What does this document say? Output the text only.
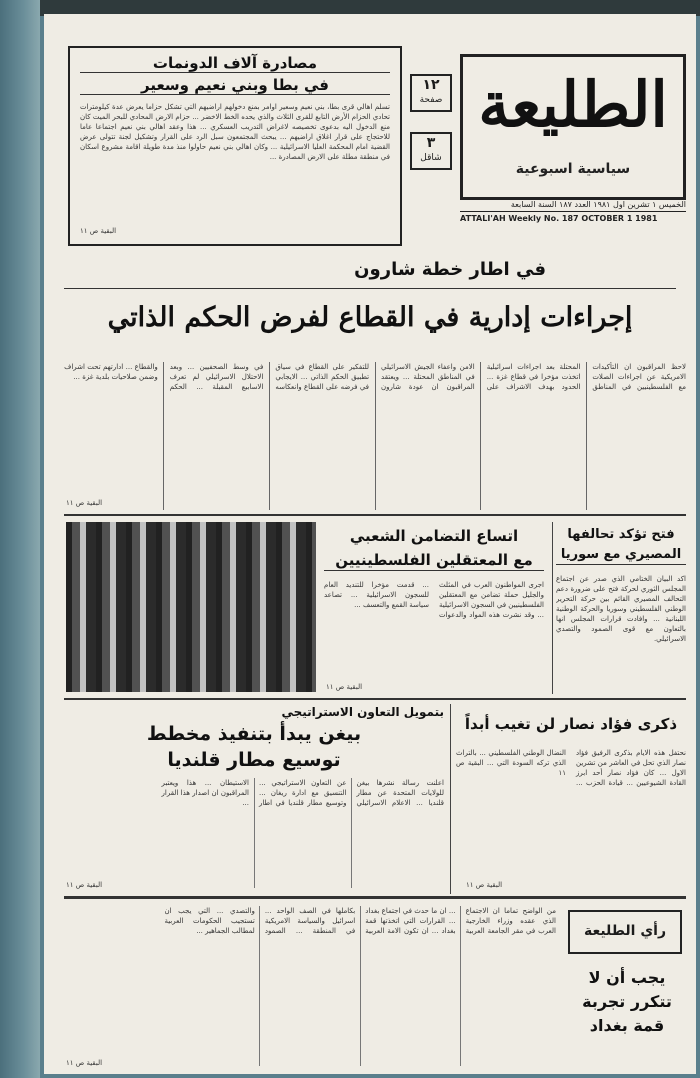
الطليعة
سياسية اسبوعية
الخميس ١ تشرين اول ١٩٨١ العدد ١٨٧ السنة السابعة
ATTALI'AH Weekly No. 187 OCTOBER 1 1981
١٢
صفحة
٣
شاقل
مصادرة آلاف الدونمات
في بطا وبني نعيم وسعير
تسلم اهالي قرى بطا، بني نعيم وسعير اوامر بمنع دخولهم اراضيهم التي تشكل حزاما يعرض عدة كيلومترات تحادي الحزام الأرض التابع للقرى الثلاث والذي يحده الخط الاخضر ... حزام الارض المحادي للبحر الميت كان منع الدخول اليه بدعوى تخصيصه لاغراض التدريب العسكري ... هذا وعقد اهالي بني نعيم اجتماعا عاما للاحتجاج على قرار اغلاق اراضيهم ... يبحث المجتمعون سبل الرد على القرار وتشكيل لجنة تتولى عرض القضية امام المحكمة العليا الاسرائيلية ... وكان اهالي بني نعيم حاولوا منذ مدة طويلة اقامة مشروع اسكان في منطقة مطلة على الارض المصادرة ...
البقية ص ١١
في اطار خطة شارون
إجراءات إدارية في القطاع لفرض الحكم الذاتي
لاحظ المراقبون ان التأكيدات الامريكية عن اجراءات الصلات مع الفلسطينيين في المناطق المحتلة بعد اجراءات اسرائيلية اتخذت مؤخرا في قطاع غزة ... الحدود بهدف الاشراف على الامن واعفاء الجيش الاسرائيلي في المناطق المحتلة ... ويعتقد المراقبون ان عودة شارون للتفكير على القطاع في سياق تطبيق الحكم الذاتي ... الايجابي في فرضه على القطاع وانعكاسه في وسط الصحفيين ... وبعد الاحتلال الاسرائيلي لم تعرف الاسابيع المقبلة ... الحكم والقطاع ... ادارتهم تحت اشراف وضمن صلاحيات بلدية غزة ...
البقية ص ١١
اتساع التضامن الشعبي
مع المعتقلين الفلسطينيين
اجرى المواطنون العرب في المثلث والجليل حملة تضامن مع المعتقلين الفلسطينيين في السجون الاسرائيلية ... وقد نشرت هذه المواد والدعوات ... قدمت مؤخرا للتنديد العام للسجون الاسرائيلية ... تصاعد سياسة القمع والتعسف ...
البقية ص ١١
فتح تؤكد تحالفها
المصيري مع سوريا
اكد البيان الختامي الذي صدر عن اجتماع المجلس الثوري لحركة فتح على ضرورة دعم التحالف المصيري القائم بين حركة التحرير الوطني الفلسطيني وسوريا والحركة الوطنية اللبنانية ... وافادت قرارات المجلس انها بالتعاون مع قوى الصمود والتصدي الاسرائيلي.
بتمويل التعاون الاستراتيجي
بيغن يبدأ بتنفيذ مخطط
توسيع مطار قلنديا
اعلنت رسالة نشرها بيغن للولايات المتحدة عن مطار قلنديا ... الاعلام الاسرائيلي عن التعاون الاستراتيجي ... التنسيق مع ادارة ريغان ... وتوسيع مطار قلنديا في اطار الاستيطان ... هذا ويعتبر المراقبون ان اصدار هذا القرار ...
البقية ص ١١
ذكرى فؤاد نصار لن تغيب أبداً
نحتفل هذه الايام بذكرى الرفيق فؤاد نصار الذي تحل في العاشر من تشرين الاول ... كان فؤاد نصار أحد ابرز القادة الشيوعيين ... قيادة الحزب ... النضال الوطني الفلسطيني ... بالتراث الذي تركه السودة التي ... البقية ص ١١
البقية ص ١١
رأي الطليعة
يجب أن لا تتكرر تجربة قمة بغداد
من الواضح تماما ان الاجتماع الذي عقده وزراء الخارجية العرب في مقر الجامعة العربية ... ان ما حدث في اجتماع بغداد ... القرارات التي اتخذتها قمة بغداد ... ان تكون الامة العربية بكاملها في الصف الواحد ... اسرائيل والسياسة الامريكية في المنطقة ... الصمود والتصدي ... التي يجب ان تستجيب الحكومات العربية لمطالب الجماهير ...
البقية ص ١١
